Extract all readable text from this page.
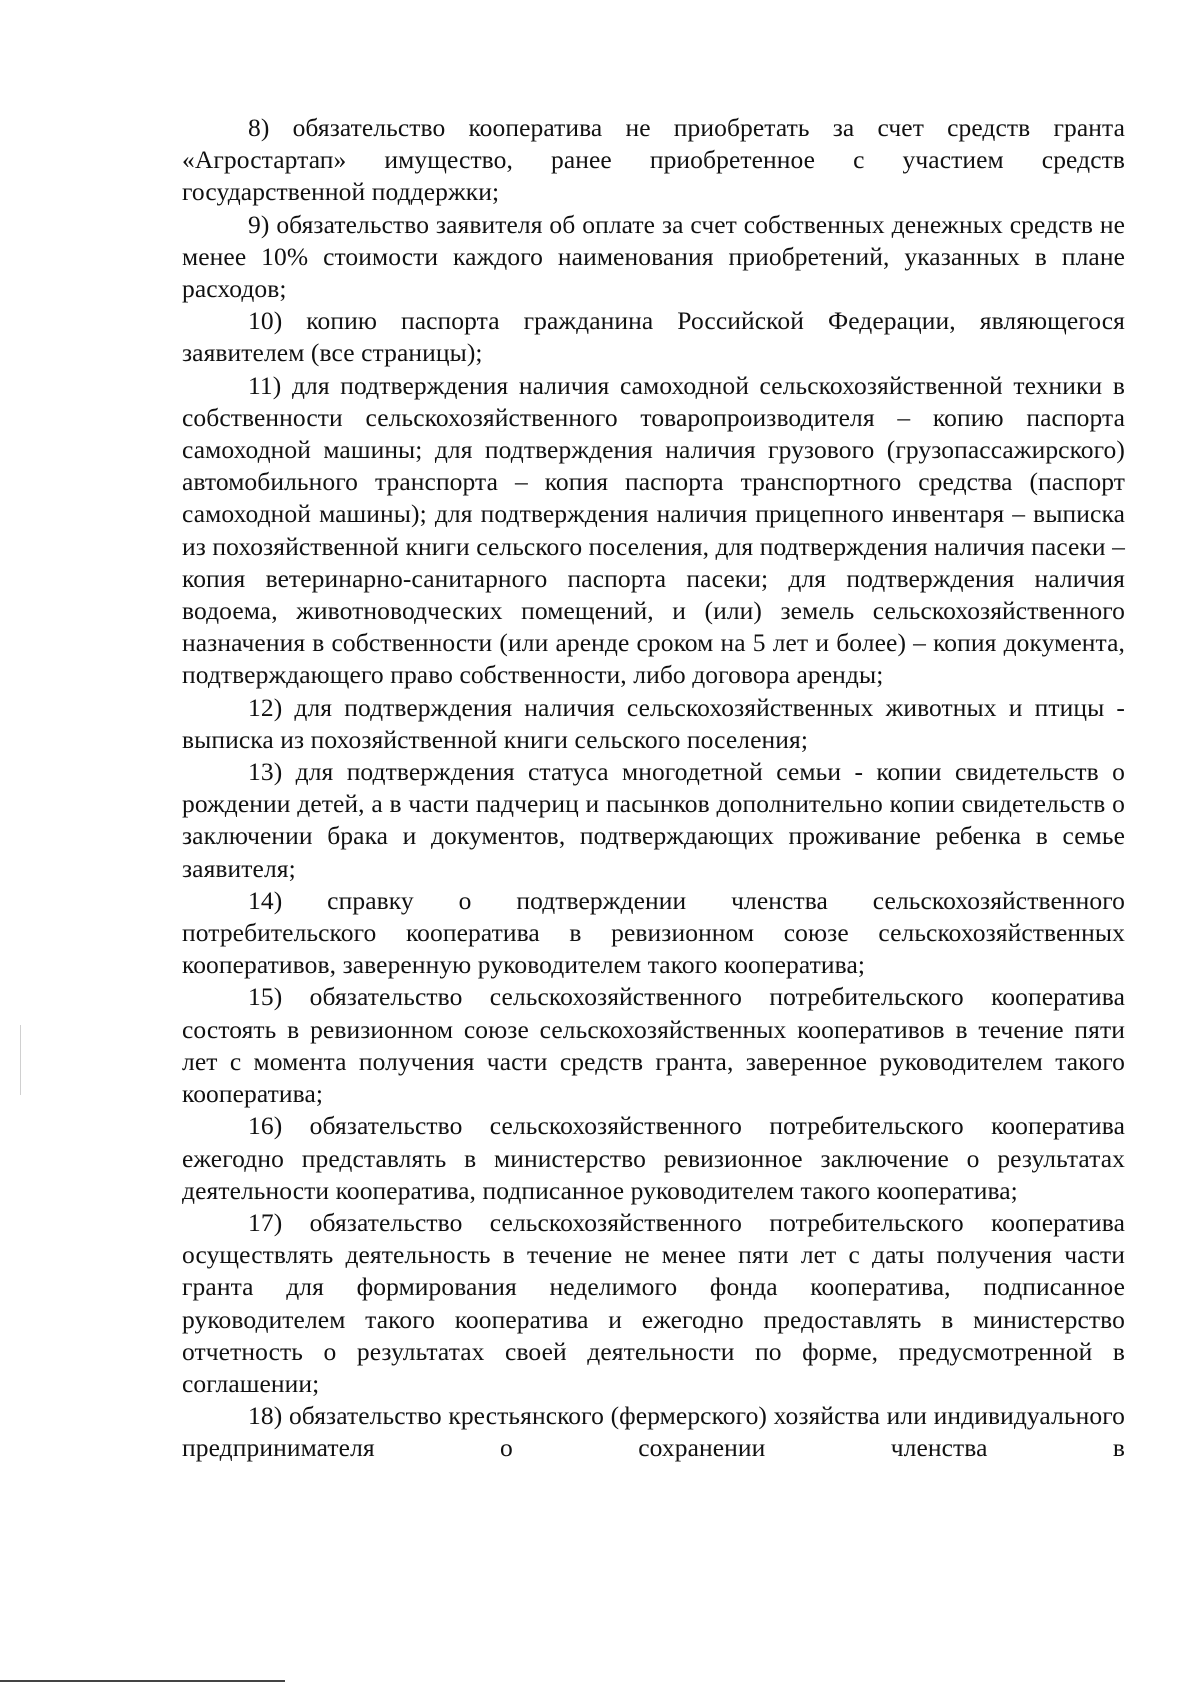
8) обязательство кооператива не приобретать за счет средств гранта «Агростартап» имущество, ранее приобретенное с участием средств государственной поддержки;

9) обязательство заявителя об оплате за счет собственных денежных средств не менее 10% стоимости каждого наименования приобретений, указанных в плане расходов;

10) копию паспорта гражданина Российской Федерации, являющегося заявителем (все страницы);

11) для подтверждения наличия самоходной сельскохозяйственной техники в собственности сельскохозяйственного товаропроизводителя – копию паспорта самоходной машины; для подтверждения наличия грузового (грузопассажирского) автомобильного транспорта – копия паспорта транспортного средства (паспорт самоходной машины); для подтверждения наличия прицепного инвентаря – выписка из похозяйственной книги сельского поселения, для подтверждения наличия пасеки – копия ветеринарно-санитарного паспорта пасеки; для подтверждения наличия водоема, животноводческих помещений, и (или) земель сельскохозяйственного назначения в собственности (или аренде сроком на 5 лет и более) – копия документа, подтверждающего право собственности, либо договора аренды;

12) для подтверждения наличия сельскохозяйственных животных и птицы - выписка из похозяйственной книги сельского поселения;

13) для подтверждения статуса многодетной семьи - копии свидетельств о рождении детей, а в части падчериц и пасынков дополнительно копии свидетельств о заключении брака и документов, подтверждающих проживание ребенка в семье заявителя;

14) справку о подтверждении членства сельскохозяйственного потребительского кооператива в ревизионном союзе сельскохозяйственных кооперативов, заверенную руководителем такого кооператива;

15) обязательство сельскохозяйственного потребительского кооператива состоять в ревизионном союзе сельскохозяйственных кооперативов в течение пяти лет с момента получения части средств гранта, заверенное руководителем такого кооператива;

16) обязательство сельскохозяйственного потребительского кооператива ежегодно представлять в министерство ревизионное заключение о результатах деятельности кооператива, подписанное руководителем такого кооператива;

17) обязательство сельскохозяйственного потребительского кооператива осуществлять деятельность в течение не менее пяти лет с даты получения части гранта для формирования неделимого фонда кооператива, подписанное руководителем такого кооператива и ежегодно предоставлять в министерство отчетность о результатах своей деятельности по форме, предусмотренной в соглашении;

18) обязательство крестьянского (фермерского) хозяйства или индивидуального предпринимателя о сохранении членства в
